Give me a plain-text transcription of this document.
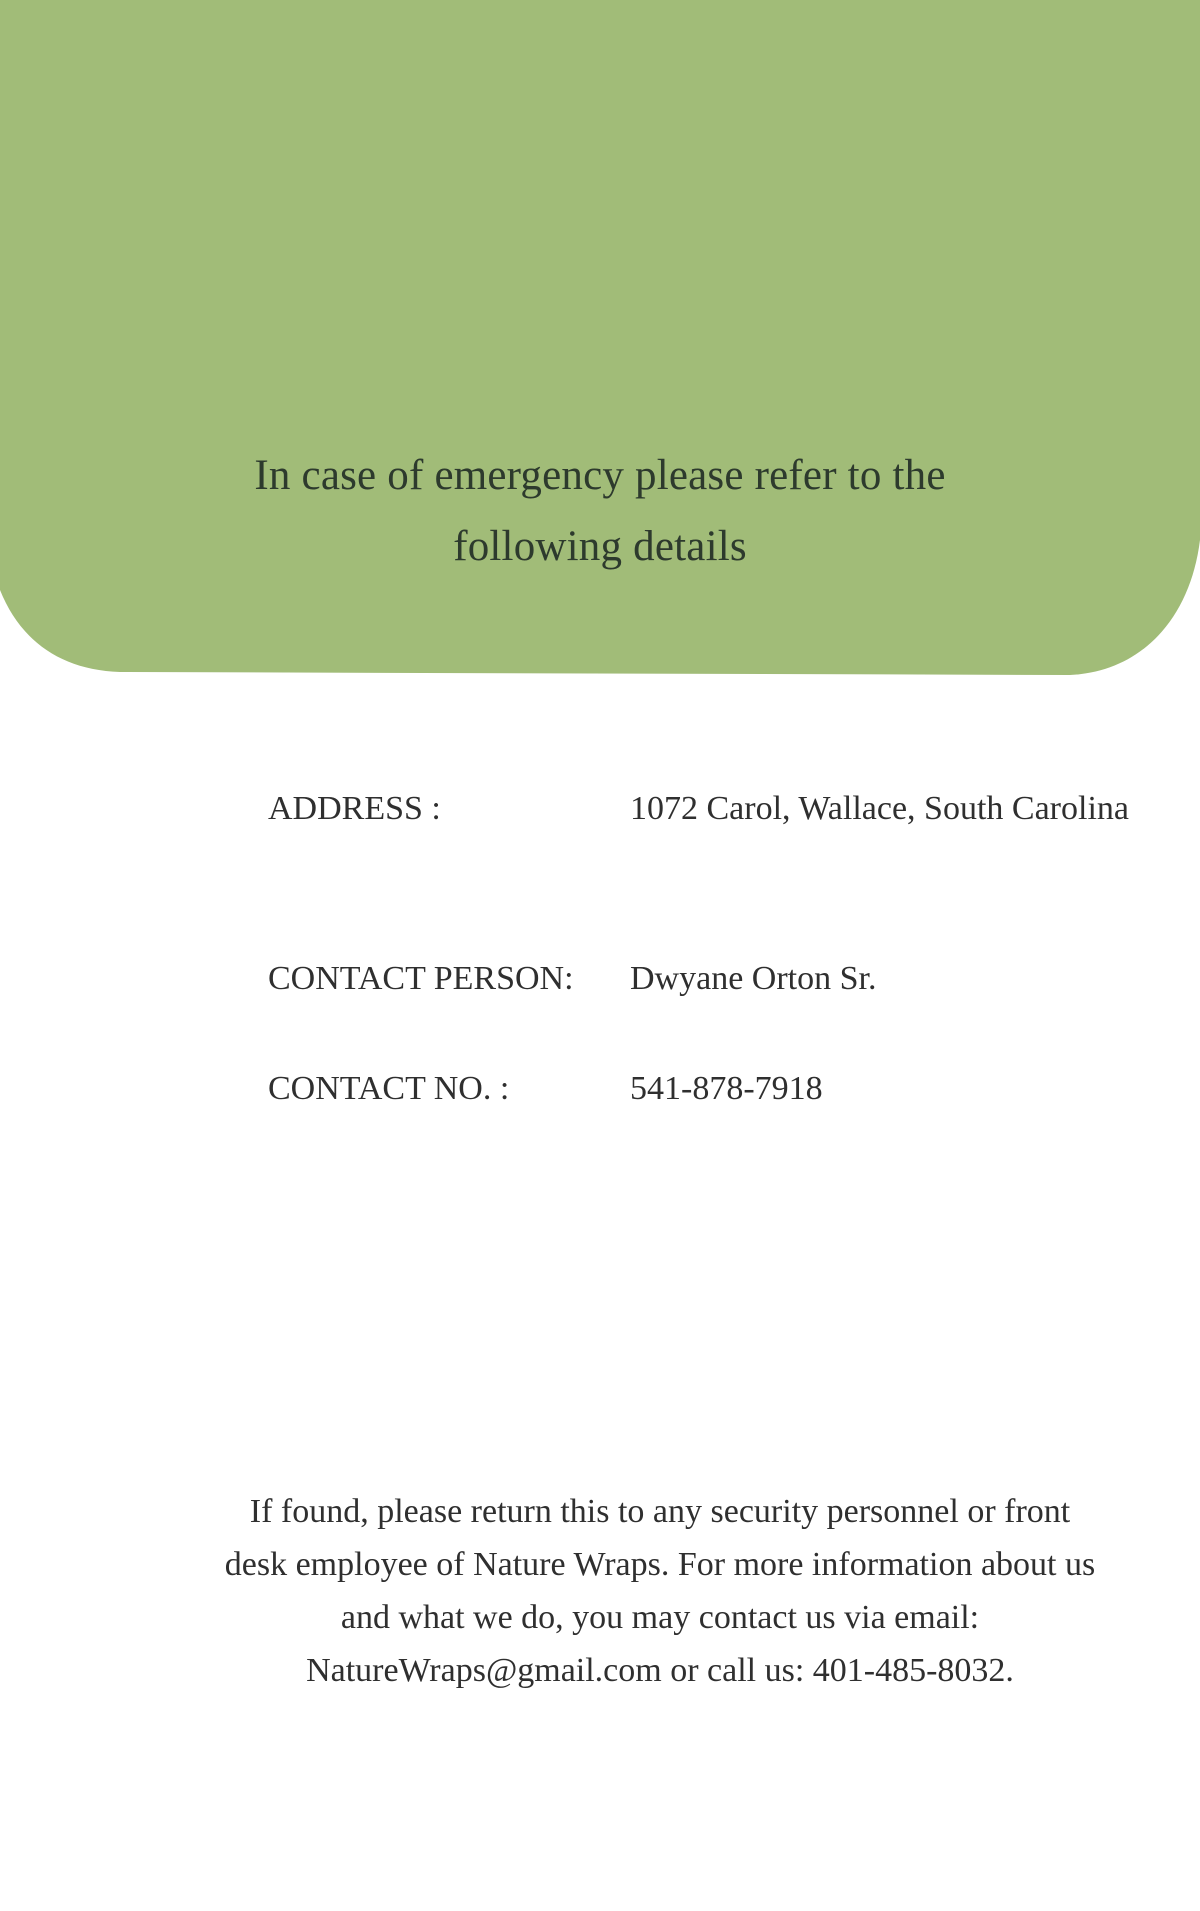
In case of emergency please refer to the
following details
ADDRESS :	1072 Carol, Wallace, South Carolina
CONTACT PERSON: Dwyane Orton Sr.
CONTACT NO. :	541-878-7918
If found, please return this to any security personnel or front
desk employee of Nature Wraps. For more information about us
and what we do, you may contact us via email:
NatureWraps@gmail.com or call us: 401-485-8032.
